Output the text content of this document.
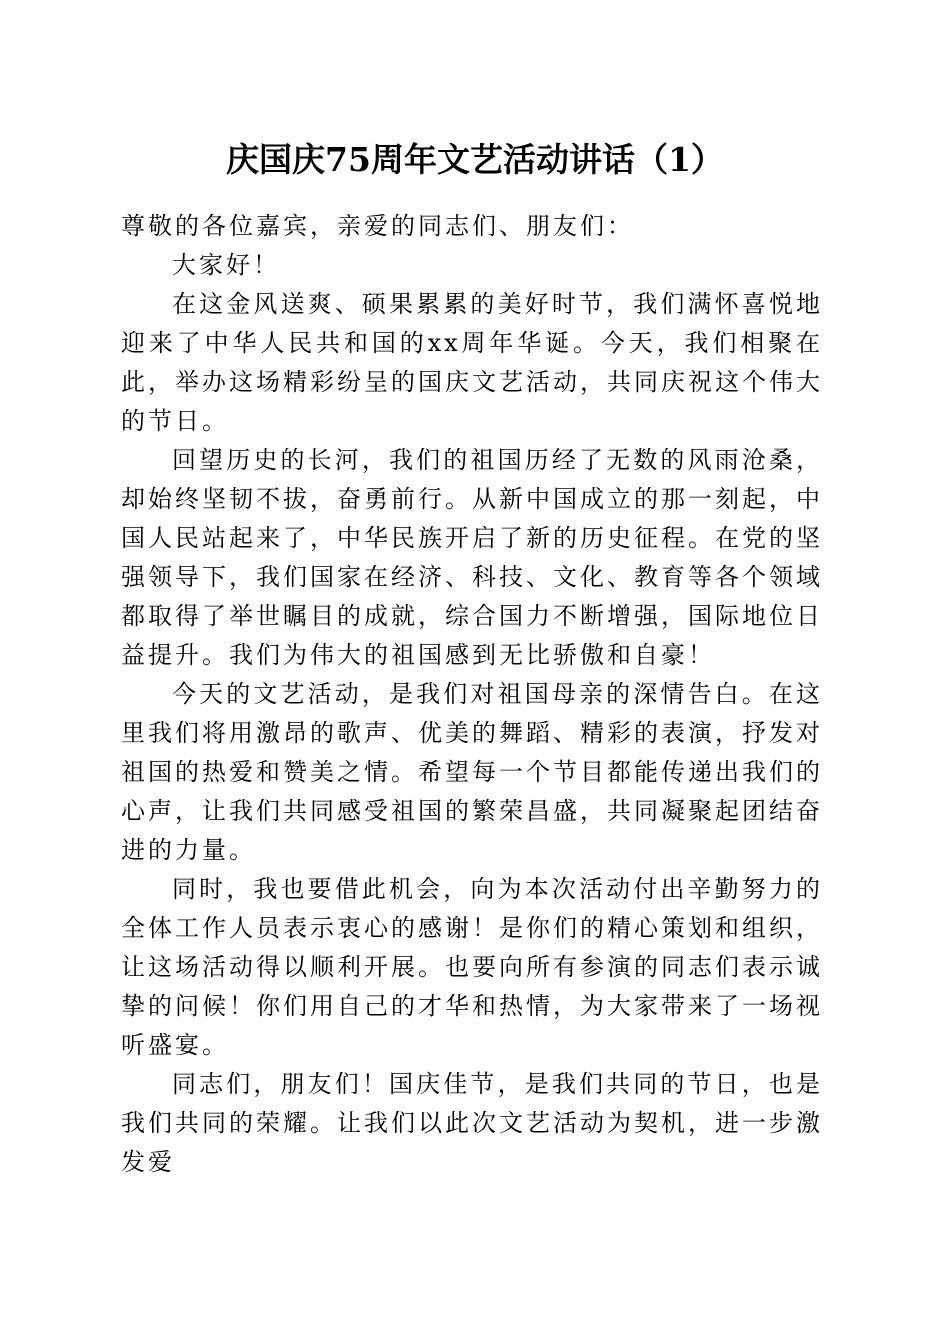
庆国庆75周年文艺活动讲话（1）

尊敬的各位嘉宾，亲爱的同志们、朋友们：

大家好！

在这金风送爽、硕果累累的美好时节，我们满怀喜悦地迎来了中华人民共和国的xx周年华诞。今天，我们相聚在此，举办这场精彩纷呈的国庆文艺活动，共同庆祝这个伟大的节日。

回望历史的长河，我们的祖国历经了无数的风雨沧桑，却始终坚韧不拔，奋勇前行。从新中国成立的那一刻起，中国人民站起来了，中华民族开启了新的历史征程。在党的坚强领导下，我们国家在经济、科技、文化、教育等各个领域都取得了举世瞩目的成就，综合国力不断增强，国际地位日益提升。我们为伟大的祖国感到无比骄傲和自豪！

今天的文艺活动，是我们对祖国母亲的深情告白。在这里我们将用激昂的歌声、优美的舞蹈、精彩的表演，抒发对祖国的热爱和赞美之情。希望每一个节目都能传递出我们的心声，让我们共同感受祖国的繁荣昌盛，共同凝聚起团结奋进的力量。

同时，我也要借此机会，向为本次活动付出辛勤努力的全体工作人员表示衷心的感谢！是你们的精心策划和组织，让这场活动得以顺利开展。也要向所有参演的同志们表示诚挚的问候！你们用自己的才华和热情，为大家带来了一场视听盛宴。

同志们，朋友们！国庆佳节，是我们共同的节日，也是我们共同的荣耀。让我们以此次文艺活动为契机，进一步激发爱
